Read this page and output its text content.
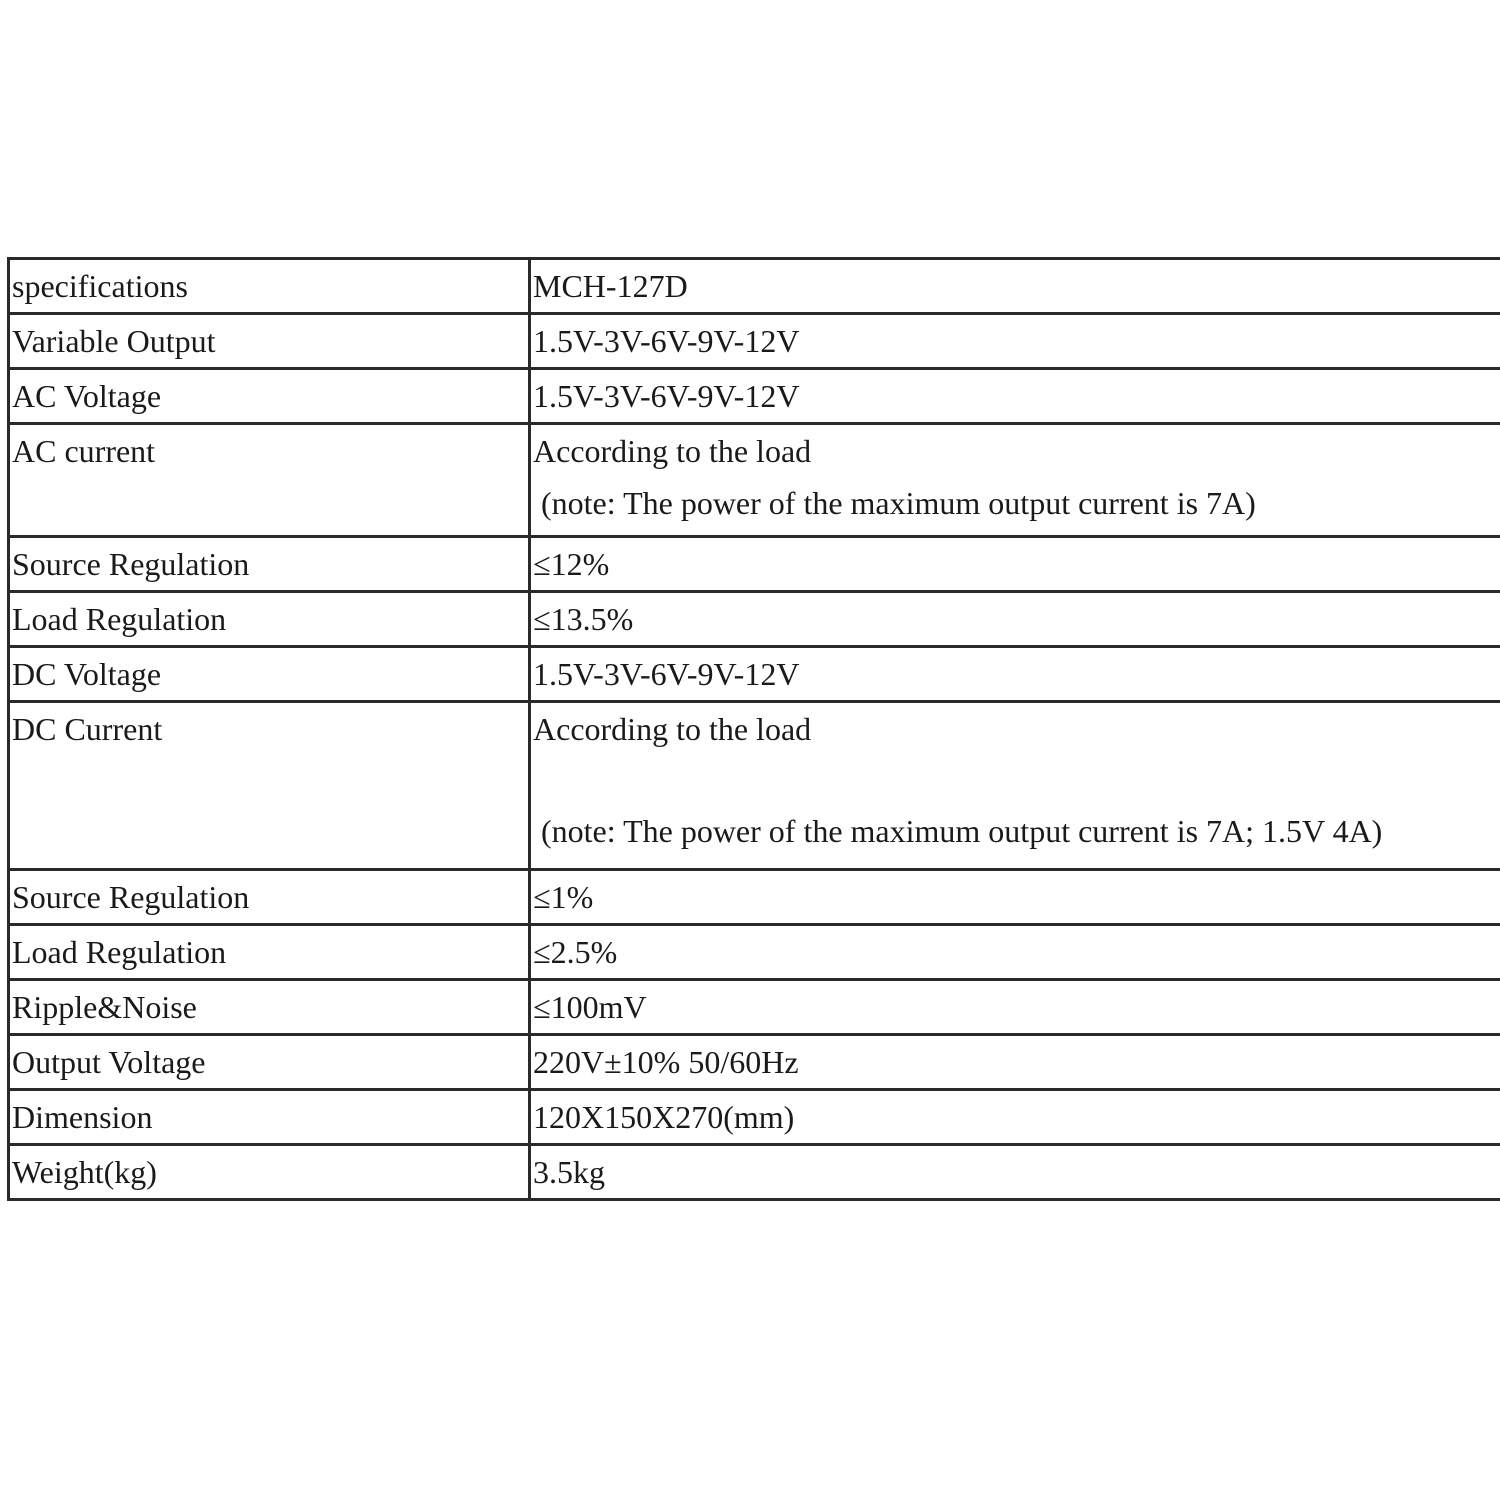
specifications	MCH-127D
Variable Output	1.5V-3V-6V-9V-12V
AC Voltage	1.5V-3V-6V-9V-12V
AC current	According to the load
(note: The power of the maximum output current is 7A)

Source Regulation	≤12%
Load Regulation	≤13.5%
DC Voltage	1.5V-3V-6V-9V-12V
DC Current	According to the load
(note: The power of the maximum output current is 7A; 1.5V 4A)

Source Regulation	≤1%
Load Regulation	≤2.5%
Ripple&Noise	≤100mV
Output Voltage	220V±10% 50/60Hz
Dimension	120X150X270(mm)
Weight(kg)	3.5kg
